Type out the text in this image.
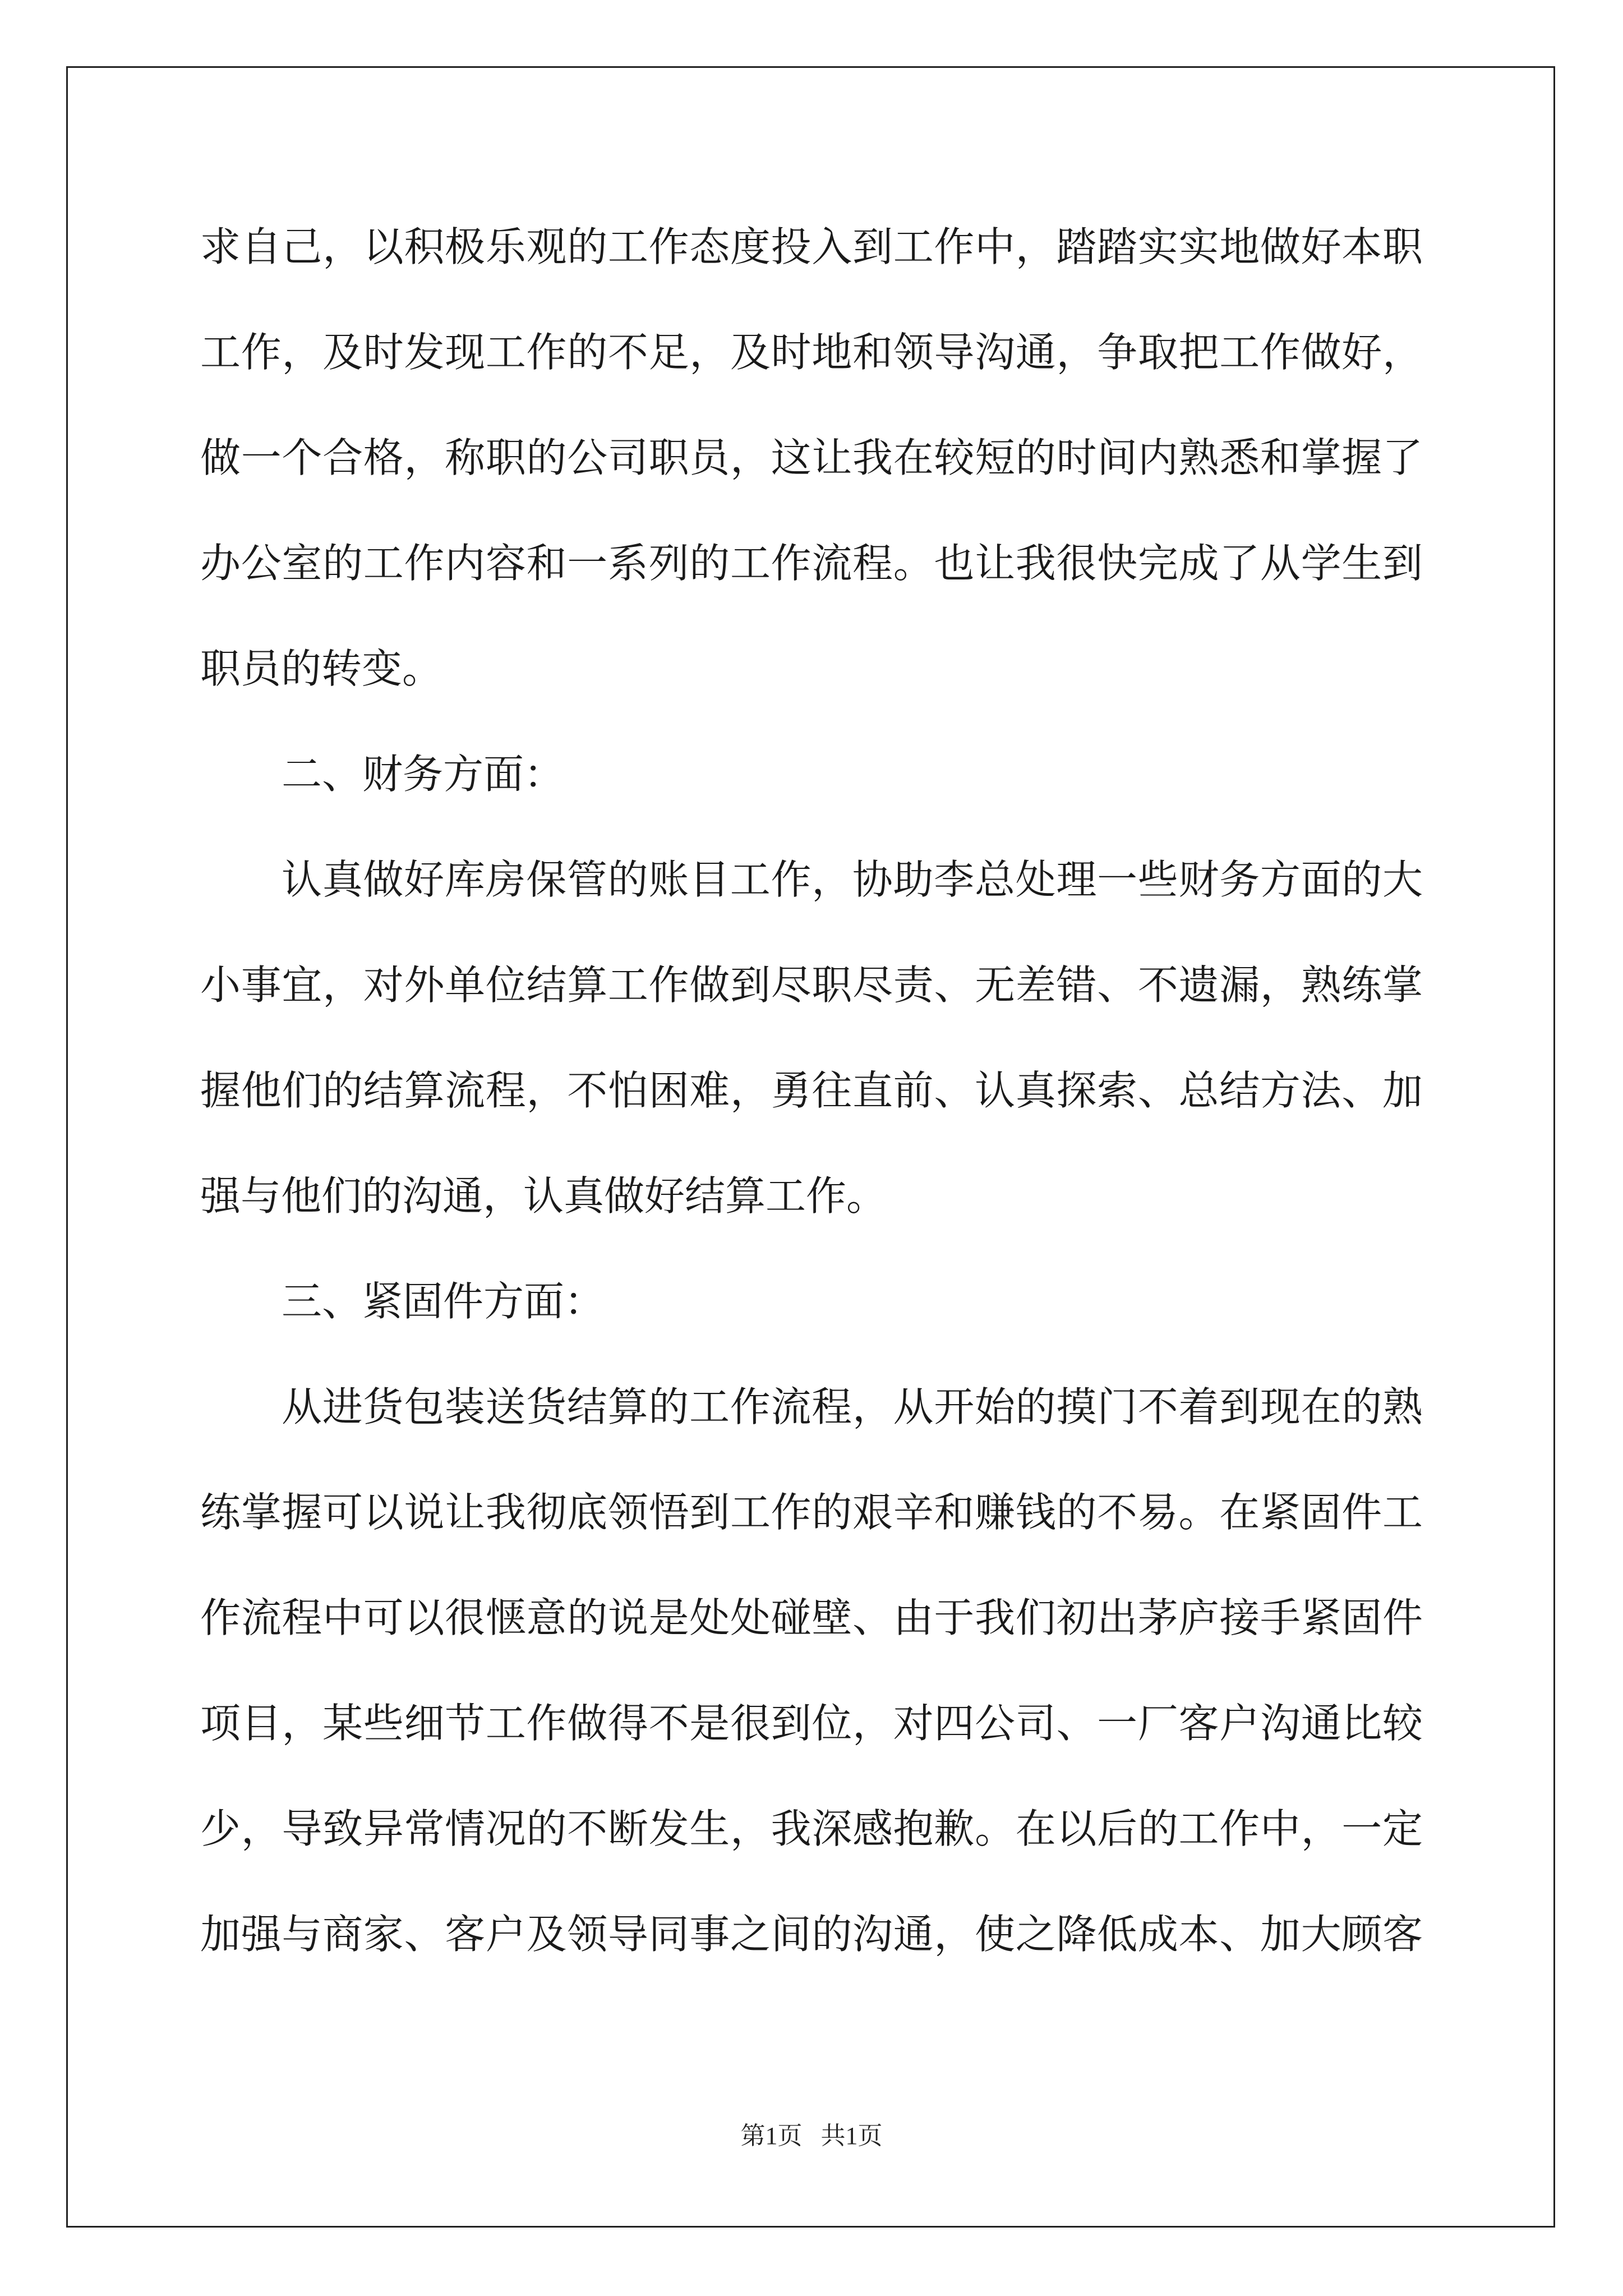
求自己，以积极乐观的工作态度投入到工作中，踏踏实实地做好本职
工作，及时发现工作的不足，及时地和领导沟通，争取把工作做好，
做一个合格，称职的公司职员，这让我在较短的时间内熟悉和掌握了
办公室的工作内容和一系列的工作流程。也让我很快完成了从学生到
职员的转变。
二、财务方面：
认真做好库房保管的账目工作，协助李总处理一些财务方面的大
小事宜，对外单位结算工作做到尽职尽责、无差错、不遗漏，熟练掌
握他们的结算流程，不怕困难，勇往直前、认真探索、总结方法、加
强与他们的沟通，认真做好结算工作。
三、紧固件方面：
从进货包装送货结算的工作流程，从开始的摸门不着到现在的熟
练掌握可以说让我彻底领悟到工作的艰辛和赚钱的不易。在紧固件工
作流程中可以很惬意的说是处处碰壁、由于我们初出茅庐接手紧固件
项目，某些细节工作做得不是很到位，对四公司、一厂客户沟通比较
少，导致异常情况的不断发生，我深感抱歉。在以后的工作中，一定
加强与商家、客户及领导同事之间的沟通，使之降低成本、加大顾客
第1页 共1页
